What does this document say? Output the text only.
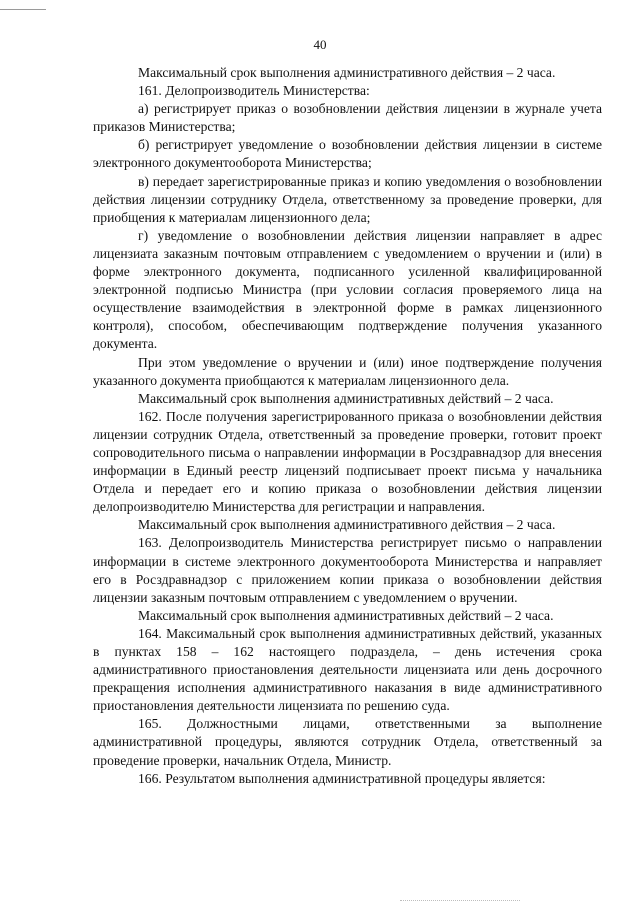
40

Максимальный срок выполнения административного действия – 2 часа.

161. Делопроизводитель Министерства:

а) регистрирует приказ о возобновлении действия лицензии в журнале учета приказов Министерства;

б) регистрирует уведомление о возобновлении действия лицензии в системе электронного документооборота Министерства;

в) передает зарегистрированные приказ и копию уведомления о возобновлении действия лицензии сотруднику Отдела, ответственному за проведение проверки, для приобщения к материалам лицензионного дела;

г) уведомление о возобновлении действия лицензии направляет в адрес лицензиата заказным почтовым отправлением с уведомлением о вручении и (или) в форме электронного документа, подписанного усиленной квалифицированной электронной подписью Министра (при условии согласия проверяемого лица на осуществление взаимодействия в электронной форме в рамках лицензионного контроля), способом, обеспечивающим подтверждение получения указанного документа.

При этом уведомление о вручении и (или) иное подтверждение получения указанного документа приобщаются к материалам лицензионного дела.

Максимальный срок выполнения административных действий – 2 часа.

162. После получения зарегистрированного приказа о возобновлении действия лицензии сотрудник Отдела, ответственный за проведение проверки, готовит проект сопроводительного письма о направлении информации в Росздравнадзор для внесения информации в Единый реестр лицензий подписывает проект письма у начальника Отдела и передает его и копию приказа о возобновлении действия лицензии делопроизводителю Министерства для регистрации и направления.

Максимальный срок выполнения административного действия – 2 часа.

163. Делопроизводитель Министерства регистрирует письмо о направлении информации в системе электронного документооборота Министерства и направляет его в Росздравнадзор с приложением копии приказа о возобновлении действия лицензии заказным почтовым отправлением с уведомлением о вручении.

Максимальный срок выполнения административных действий – 2 часа.

164. Максимальный срок выполнения административных действий, указанных в пунктах 158 – 162 настоящего подраздела, – день истечения срока административного приостановления деятельности лицензиата или день досрочного прекращения исполнения административного наказания в виде административного приостановления деятельности лицензиата по решению суда.

165. Должностными лицами, ответственными за выполнение административной процедуры, являются сотрудник Отдела, ответственный за проведение проверки, начальник Отдела, Министр.

166. Результатом выполнения административной процедуры является:
